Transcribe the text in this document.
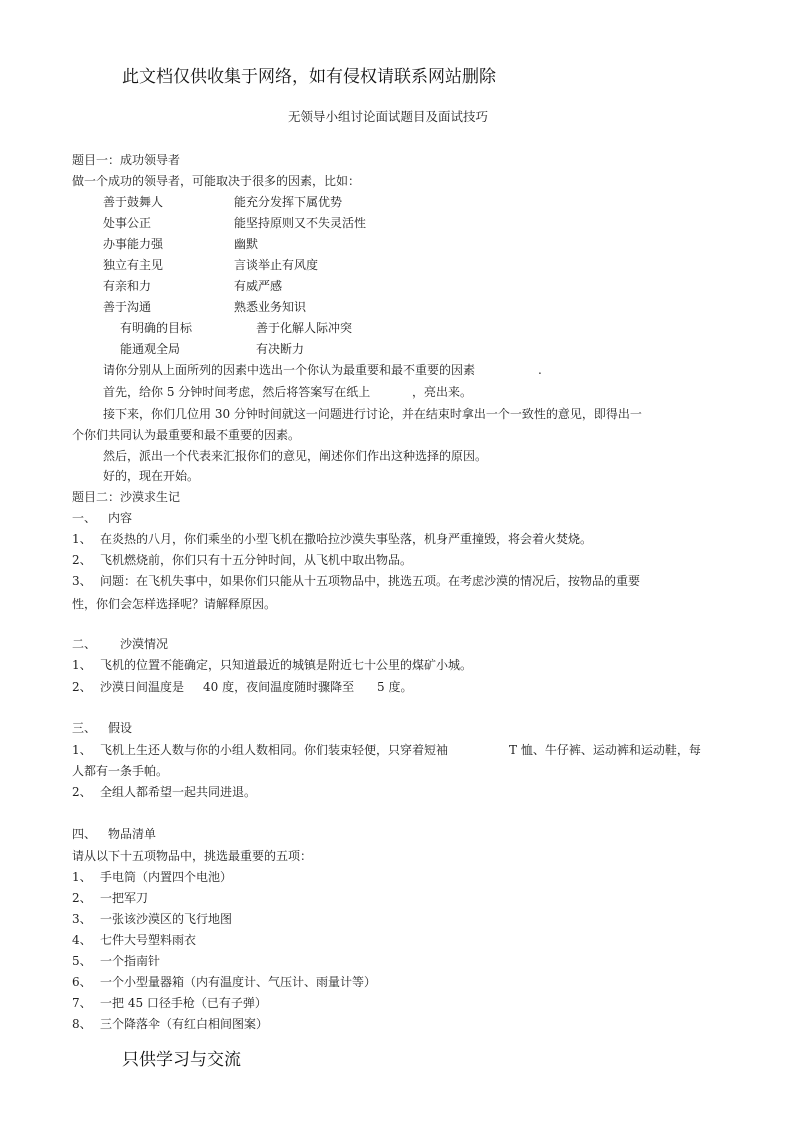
此文档仅供收集于网络，如有侵权请联系网站删除
无领导小组讨论面试题目及面试技巧
题目一：成功领导者
做一个成功的领导者，可能取决于很多的因素，比如：
善于鼓舞人	能充分发挥下属优势
处事公正	能坚持原则又不失灵活性
办事能力强	幽默
独立有主见	言谈举止有风度
有亲和力	有威严感
善于沟通	熟悉业务知识
有明确的目标	善于化解人际冲突
能通观全局	有决断力
请你分别从上面所列的因素中选出一个你认为最重要和最不重要的因素	.
首先，给你 5 分钟时间考虑，然后将答案写在纸上	，亮出来。
接下来，你们几位用 30 分钟时间就这一问题进行讨论，并在结束时拿出一个一致性的意见，即得出一
个你们共同认为最重要和最不重要的因素。
然后，派出一个代表来汇报你们的意见，阐述你们作出这种选择的原因。
好的，现在开始。
题目二：沙漠求生记
一、 内容
1、 在炎热的八月，你们乘坐的小型飞机在撒哈拉沙漠失事坠落，机身严重撞毁，将会着火焚烧。
2、 飞机燃烧前，你们只有十五分钟时间，从飞机中取出物品。
3、 问题：在飞机失事中，如果你们只能从十五项物品中，挑选五项。在考虑沙漠的情况后，按物品的重要
性，你们会怎样选择呢？请解释原因。
二、 沙漠情况
1、 飞机的位置不能确定，只知道最近的城镇是附近七十公里的煤矿小城。
2、 沙漠日间温度是 40 度，夜间温度随时骤降至 5 度。
三、 假设
1、 飞机上生还人数与你的小组人数相同。你们装束轻便，只穿着短袖	T 恤、牛仔裤、运动裤和运动鞋，每
人都有一条手帕。
2、 全组人都希望一起共同进退。
四、 物品清单
请从以下十五项物品中，挑选最重要的五项：
1、 手电筒（内置四个电池）
2、 一把军刀
3、 一张该沙漠区的飞行地图
4、 七件大号塑料雨衣
5、 一个指南针
6、 一个小型量器箱（内有温度计、气压计、雨量计等）
7、 一把 45 口径手枪（已有子弹）
8、 三个降落伞（有红白相间图案）
只供学习与交流
